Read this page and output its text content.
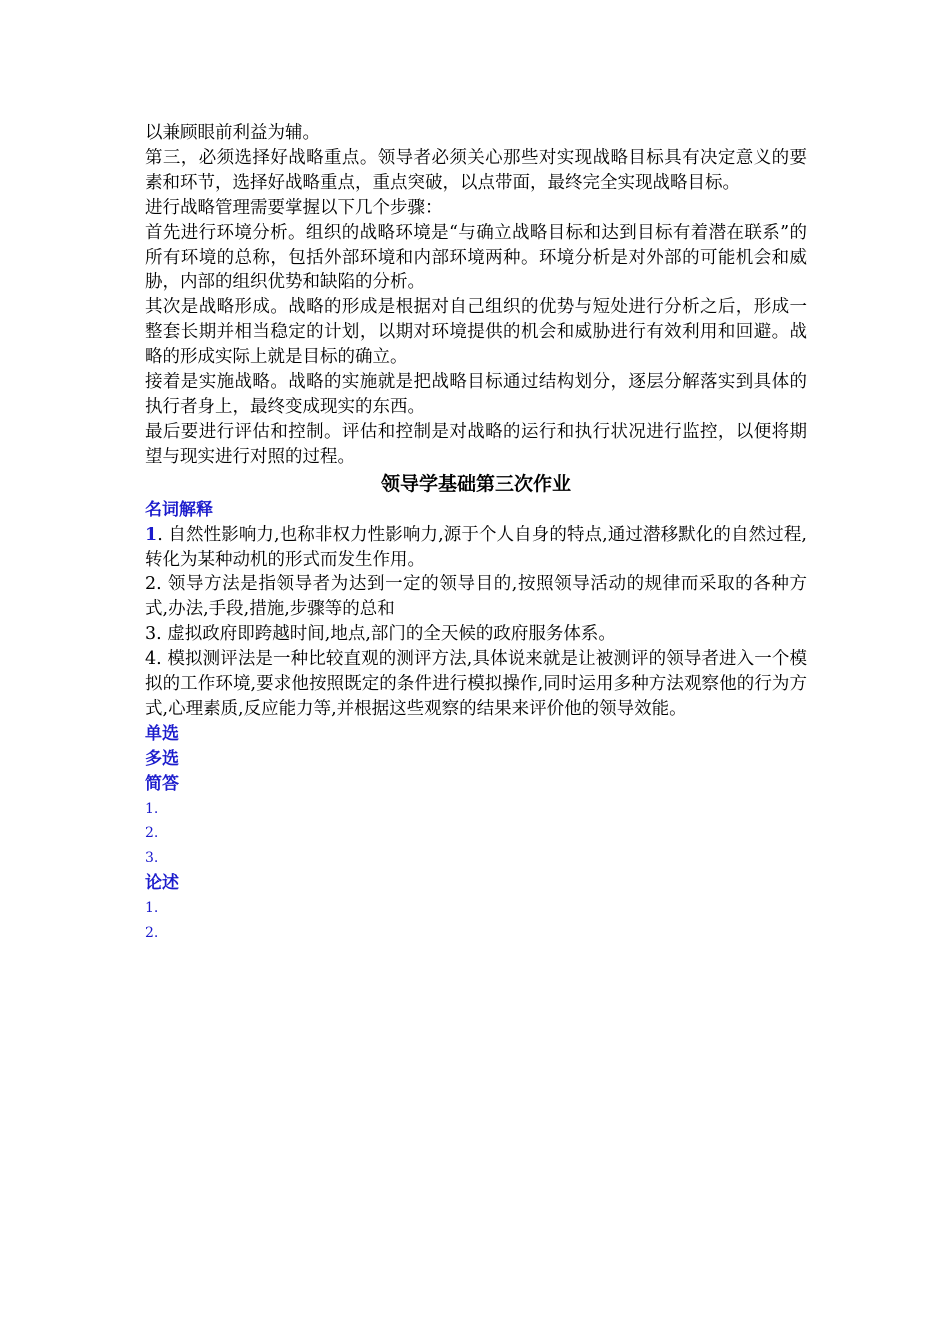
以兼顾眼前利益为辅。

第三，必须选择好战略重点。领导者必须关心那些对实现战略目标具有决定意义的要素和环节，选择好战略重点，重点突破，以点带面，最终完全实现战略目标。

进行战略管理需要掌握以下几个步骤：

首先进行环境分析。组织的战略环境是“与确立战略目标和达到目标有着潜在联系”的所有环境的总称，包括外部环境和内部环境两种。环境分析是对外部的可能机会和威胁，内部的组织优势和缺陷的分析。

其次是战略形成。战略的形成是根据对自己组织的优势与短处进行分析之后，形成一整套长期并相当稳定的计划，以期对环境提供的机会和威胁进行有效利用和回避。战略的形成实际上就是目标的确立。

接着是实施战略。战略的实施就是把战略目标通过结构划分，逐层分解落实到具体的执行者身上，最终变成现实的东西。

最后要进行评估和控制。评估和控制是对战略的运行和执行状况进行监控，以便将期望与现实进行对照的过程。

领导学基础第三次作业
名词解释

1. 自然性影响力,也称非权力性影响力,源于个人自身的特点,通过潜移默化的自然过程,转化为某种动机的形式而发生作用。

2. 领导方法是指领导者为达到一定的领导目的,按照领导活动的规律而采取的各种方式,办法,手段,措施,步骤等的总和

3. 虚拟政府即跨越时间,地点,部门的全天候的政府服务体系。

4. 模拟测评法是一种比较直观的测评方法,具体说来就是让被测评的领导者进入一个模拟的工作环境,要求他按照既定的条件进行模拟操作,同时运用多种方法观察他的行为方式,心理素质,反应能力等,并根据这些观察的结果来评价他的领导效能。

单选
多选
简答

1.

2.

3.

论述

1.

2.
